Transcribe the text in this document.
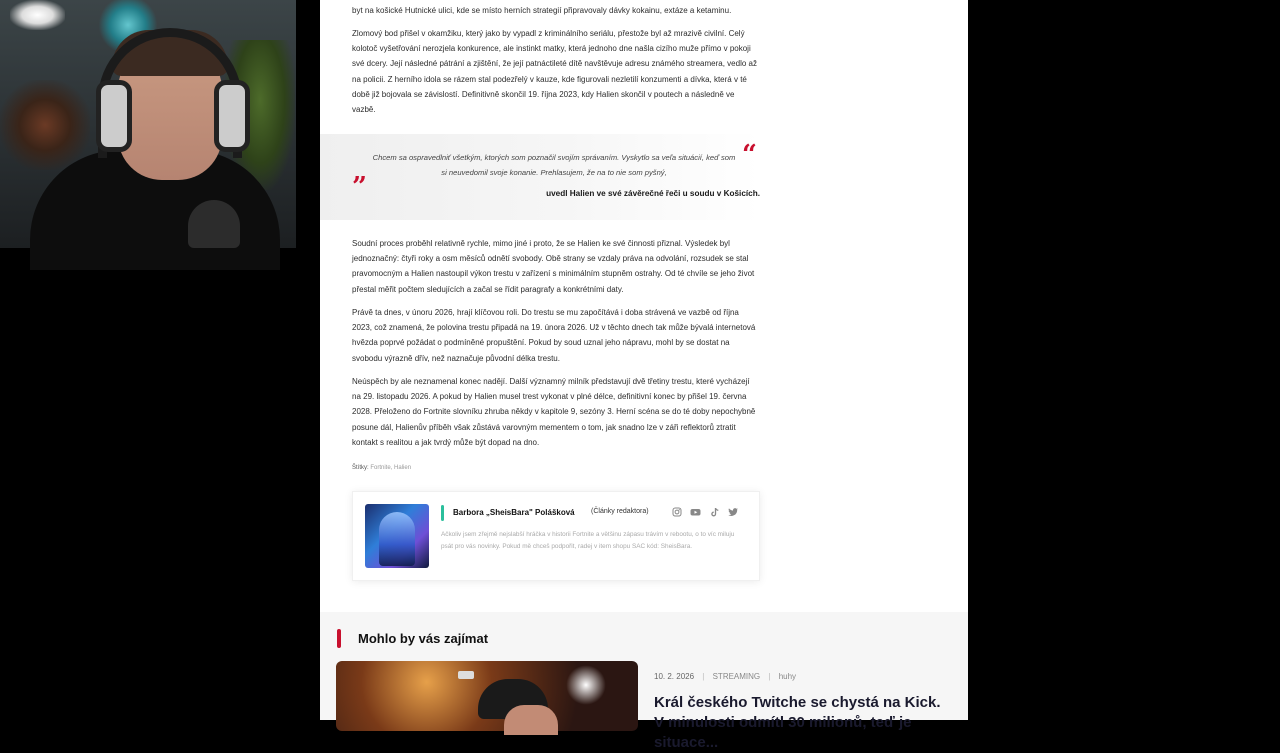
byt na košické Hutnické ulici, kde se místo herních strategií připravovaly dávky kokainu, extáze a ketaminu.

Zlomový bod přišel v okamžiku, který jako by vypadl z kriminálního seriálu, přestože byl až mrazivě civilní. Celý kolotoč vyšetřování nerozjela konkurence, ale instinkt matky, která jednoho dne našla cizího muže přímo v pokoji své dcery. Její následné pátrání a zjištění, že její patnáctileté dítě navštěvuje adresu známého streamera, vedlo až na policii. Z herního idola se rázem stal podezřelý v kauze, kde figurovali nezletilí konzumenti a dívka, která v té době již bojovala se závislostí. Definitivně skončil 19. října 2023, kdy Halien skončil v poutech a následně ve vazbě.

“
Chcem sa ospravedlniť všetkým, ktorých som poznačil svojím správaním. Vyskytlo sa veľa situácií, keď som si neuvedomil svoje konanie. Prehlasujem, že na to nie som pyšný,
”	uvedl Halien ve své závěrečné řeči u soudu v Košicích.

Soudní proces proběhl relativně rychle, mimo jiné i proto, že se Halien ke své činnosti přiznal. Výsledek byl jednoznačný: čtyři roky a osm měsíců odnětí svobody. Obě strany se vzdaly práva na odvolání, rozsudek se stal pravomocným a Halien nastoupil výkon trestu v zařízení s minimálním stupněm ostrahy. Od té chvíle se jeho život přestal měřit počtem sledujících a začal se řídit paragrafy a konkrétními daty.

Právě ta dnes, v únoru 2026, hrají klíčovou roli. Do trestu se mu započítává i doba strávená ve vazbě od října 2023, což znamená, že polovina trestu připadá na 19. února 2026. Už v těchto dnech tak může bývalá internetová hvězda poprvé požádat o podmíněné propuštění. Pokud by soud uznal jeho nápravu, mohl by se dostat na svobodu výrazně dřív, než naznačuje původní délka trestu.

Neúspěch by ale neznamenal konec nadějí. Další významný milník představují dvě třetiny trestu, které vycházejí na 29. listopadu 2026. A pokud by Halien musel trest vykonat v plné délce, definitivní konec by přišel 19. června 2028. Přeloženo do Fortnite slovníku zhruba někdy v kapitole 9, sezóny 3. Herní scéna se do té doby nepochybně posune dál, Halienův příběh však zůstává varovným mementem o tom, jak snadno lze v záři reflektorů ztratit kontakt s realitou a jak tvrdý může být dopad na dno.

Štítky: Fortnite, Halien
Barbora „SheisBara" Polášková (Články redaktora)
Ačkoliv jsem zřejmě nejslabší hráčka v historii Fortnite a většinu zápasu trávím v rebootu, o to víc miluju psát pro vás novinky. Pokud mě chceš podpořit, radej v item shopu SAC kód: SheisBara.
Mohlo by vás zajímat
10. 2. 2026 | STREAMING | huhy
Král českého Twitche se chystá na Kick. V minulosti odmítl 30 milionů, teď je situace...
